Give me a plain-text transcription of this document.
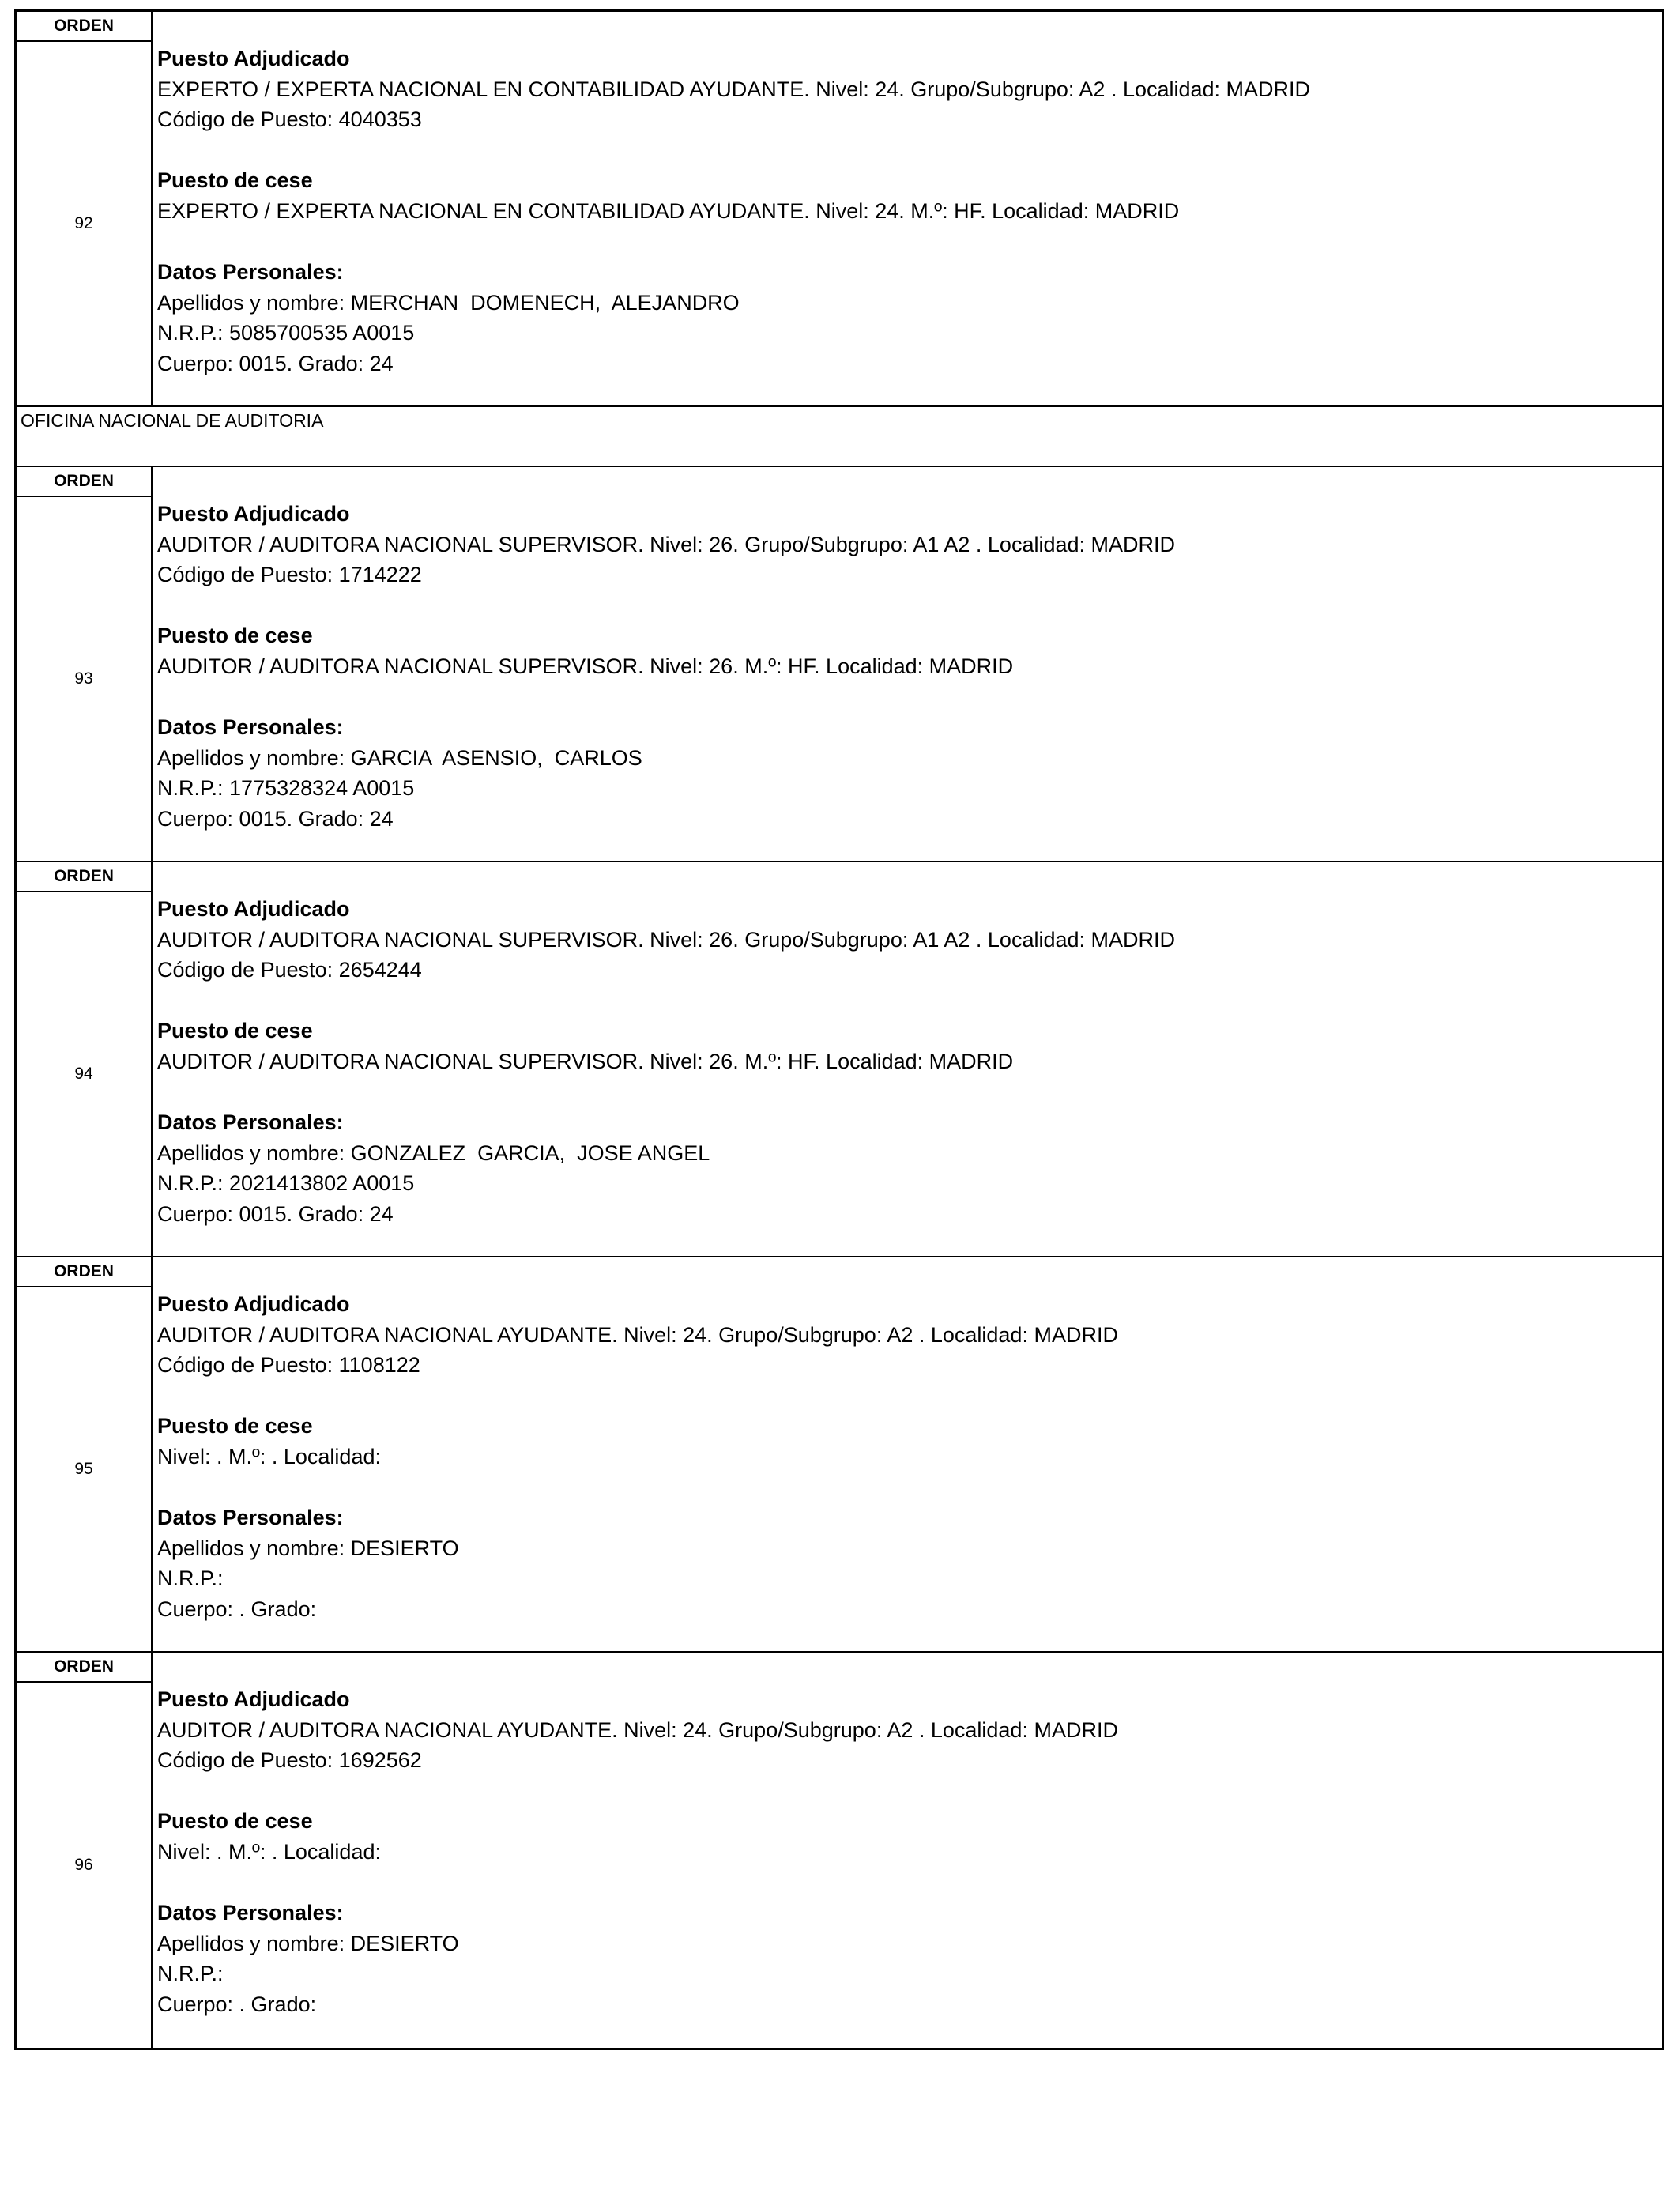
ORDEN
92
Puesto Adjudicado
EXPERTO / EXPERTA NACIONAL EN CONTABILIDAD AYUDANTE. Nivel: 24. Grupo/Subgrupo: A2 . Localidad: MADRID
Código de Puesto: 4040353
Puesto de cese
EXPERTO / EXPERTA NACIONAL EN CONTABILIDAD AYUDANTE. Nivel: 24. M.º: HF. Localidad: MADRID
Datos Personales:
Apellidos y nombre: MERCHAN  DOMENECH,  ALEJANDRO
N.R.P.: 5085700535 A0015
Cuerpo: 0015. Grado: 24
OFICINA NACIONAL DE AUDITORIA
ORDEN
93
Puesto Adjudicado
AUDITOR / AUDITORA NACIONAL SUPERVISOR. Nivel: 26. Grupo/Subgrupo: A1 A2 . Localidad: MADRID
Código de Puesto: 1714222
Puesto de cese
AUDITOR / AUDITORA NACIONAL SUPERVISOR. Nivel: 26. M.º: HF. Localidad: MADRID
Datos Personales:
Apellidos y nombre: GARCIA  ASENSIO,  CARLOS
N.R.P.: 1775328324 A0015
Cuerpo: 0015. Grado: 24
ORDEN
94
Puesto Adjudicado
AUDITOR / AUDITORA NACIONAL SUPERVISOR. Nivel: 26. Grupo/Subgrupo: A1 A2 . Localidad: MADRID
Código de Puesto: 2654244
Puesto de cese
AUDITOR / AUDITORA NACIONAL SUPERVISOR. Nivel: 26. M.º: HF. Localidad: MADRID
Datos Personales:
Apellidos y nombre: GONZALEZ  GARCIA,  JOSE ANGEL
N.R.P.: 2021413802 A0015
Cuerpo: 0015. Grado: 24
ORDEN
95
Puesto Adjudicado
AUDITOR / AUDITORA NACIONAL AYUDANTE. Nivel: 24. Grupo/Subgrupo: A2 . Localidad: MADRID
Código de Puesto: 1108122
Puesto de cese
Nivel: . M.º: . Localidad:
Datos Personales:
Apellidos y nombre: DESIERTO
N.R.P.:
Cuerpo: . Grado:
ORDEN
96
Puesto Adjudicado
AUDITOR / AUDITORA NACIONAL AYUDANTE. Nivel: 24. Grupo/Subgrupo: A2 . Localidad: MADRID
Código de Puesto: 1692562
Puesto de cese
Nivel: . M.º: . Localidad:
Datos Personales:
Apellidos y nombre: DESIERTO
N.R.P.:
Cuerpo: . Grado:
